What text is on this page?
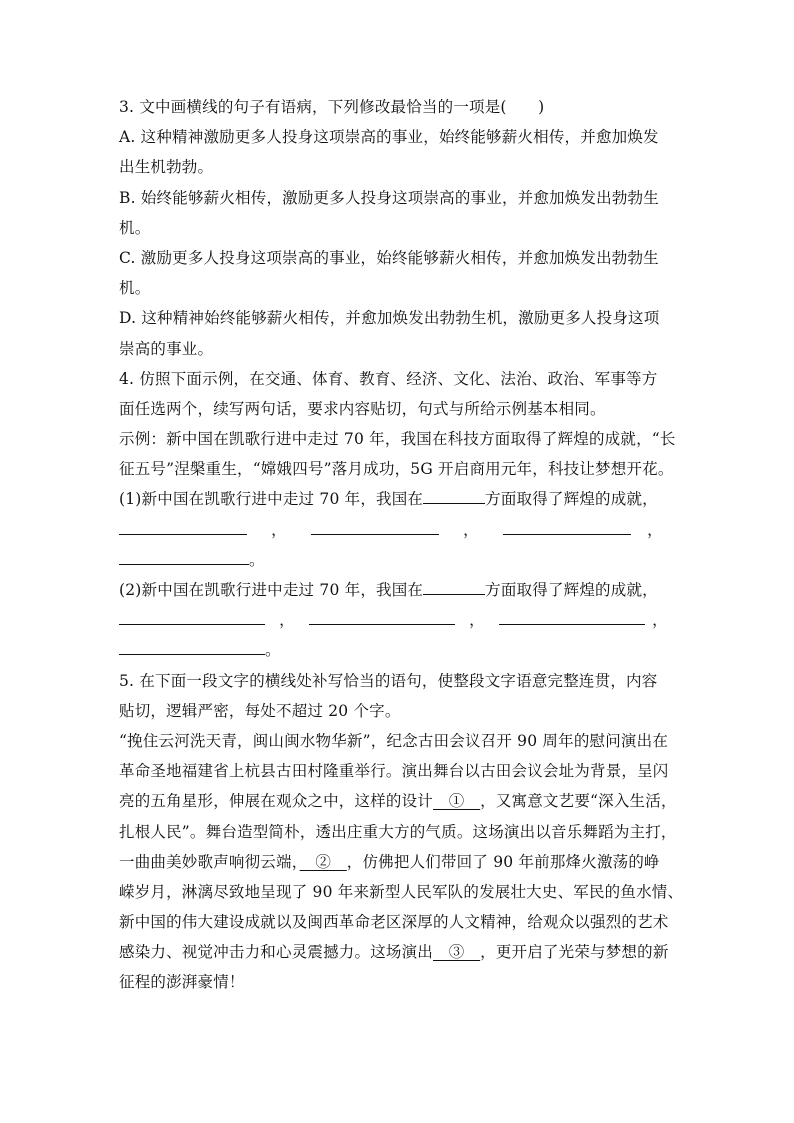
3. 文中画横线的句子有语病，下列修改最恰当的一项是(　　)
A. 这种精神激励更多人投身这项崇高的事业，始终能够薪火相传，并愈加焕发
出生机勃勃。
B. 始终能够薪火相传，激励更多人投身这项崇高的事业，并愈加焕发出勃勃生
机。
C. 激励更多人投身这项崇高的事业，始终能够薪火相传，并愈加焕发出勃勃生
机。
D. 这种精神始终能够薪火相传，并愈加焕发出勃勃生机，激励更多人投身这项
崇高的事业。
4. 仿照下面示例，在交通、体育、教育、经济、文化、法治、政治、军事等方
面任选两个，续写两句话，要求内容贴切，句式与所给示例基本相同。
示例：新中国在凯歌行进中走过 70 年，我国在科技方面取得了辉煌的成就，“长
征五号”涅槃重生，“嫦娥四号”落月成功，5G 开启商用元年，科技让梦想开花。
(1)新中国在凯歌行进中走过 70 年，我国在	方面取得了辉煌的成就，
，	，	，
。
(2)新中国在凯歌行进中走过 70 年，我国在	方面取得了辉煌的成就，
，	，	，
。
5. 在下面一段文字的横线处补写恰当的语句，使整段文字语意完整连贯，内容
贴切，逻辑严密，每处不超过 20 个字。
“挽住云河洗天青，闽山闽水物华新”，纪念古田会议召开 90 周年的慰问演出在
革命圣地福建省上杭县古田村隆重举行。演出舞台以古田会议会址为背景，呈闪
亮的五角星形，伸展在观众之中，这样的设计　①　，又寓意文艺要“深入生活，
扎根人民”。舞台造型简朴，透出庄重大方的气质。这场演出以音乐舞蹈为主打，
一曲曲美妙歌声响彻云端，　②　，仿佛把人们带回了 90 年前那烽火激荡的峥
嵘岁月，淋漓尽致地呈现了 90 年来新型人民军队的发展壮大史、军民的鱼水情、
新中国的伟大建设成就以及闽西革命老区深厚的人文精神，给观众以强烈的艺术
感染力、视觉冲击力和心灵震撼力。这场演出　③　，更开启了光荣与梦想的新
征程的澎湃豪情！
